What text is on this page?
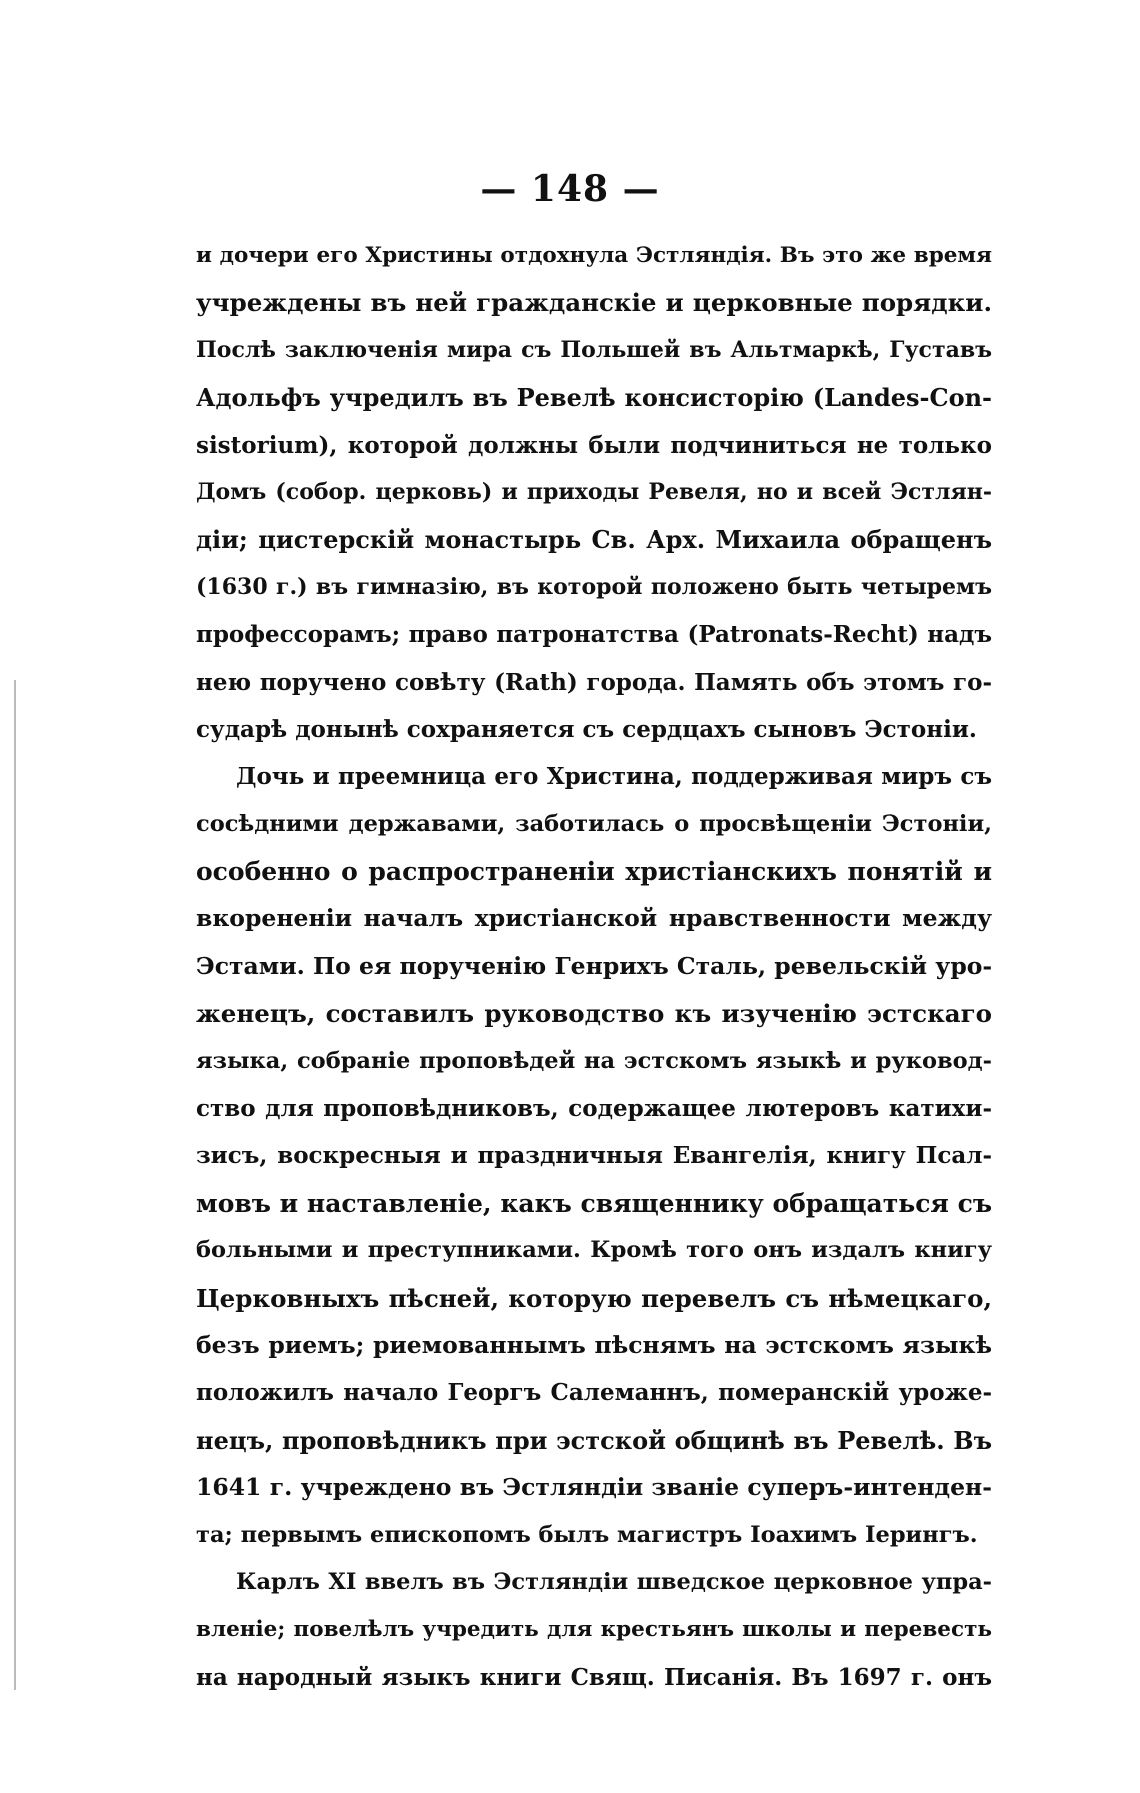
— 148 —
и дочери его Христины отдохнула Эстляндія. Въ это же время
учреждены въ ней гражданскіе и церковные порядки.
Послѣ заключенія мира съ Польшей въ Альтмаркѣ, Густавъ
Адольфъ учредилъ въ Ревелѣ консисторію (Landes-Con-
sistorium), которой должны были подчиниться не только
Домъ (собор. церковь) и приходы Ревеля, но и всей Эстлян-
діи; цистерскій монастырь Св. Арх. Михаила обращенъ
(1630 г.) въ гимназію, въ которой положено быть четыремъ
профессорамъ; право патронатства (Patronats-Recht) надъ
нею поручено совѣту (Rath) города. Память объ этомъ го-
сударѣ донынѣ сохраняется съ сердцахъ сыновъ Эстоніи.
Дочь и преемница его Христина, поддерживая миръ съ
сосѣдними державами, заботилась о просвѣщеніи Эстоніи,
особенно о распространеніи христіанскихъ понятій и
вкорененіи началъ христіанской нравственности между
Эстами. По ея порученію Генрихъ Сталь, ревельскій уро-
женецъ, составилъ руководство къ изученію эстскаго
языка, собраніе проповѣдей на эстскомъ языкѣ и руковод-
ство для проповѣдниковъ, содержащее лютеровъ катихи-
зисъ, воскресныя и праздничныя Евангелія, книгу Псал-
мовъ и наставленіе, какъ священнику обращаться съ
больными и преступниками. Кромѣ того онъ издалъ книгу
Церковныхъ пѣсней, которую перевелъ съ нѣмецкаго,
безъ риемъ; риемованнымъ пѣснямъ на эстскомъ языкѣ
положилъ начало Георгъ Салеманнъ, померанскій уроже-
нецъ, проповѣдникъ при эстской общинѣ въ Ревелѣ. Въ
1641 г. учреждено въ Эстляндіи званіе суперъ-интенден-
та; первымъ епископомъ былъ магистръ Іоахимъ Іерингъ.
Карлъ XI ввелъ въ Эстляндіи шведское церковное упра-
вленіе; повелѣлъ учредить для крестьянъ школы и перевесть
на народный языкъ книги Свящ. Писанія. Въ 1697 г. онъ
